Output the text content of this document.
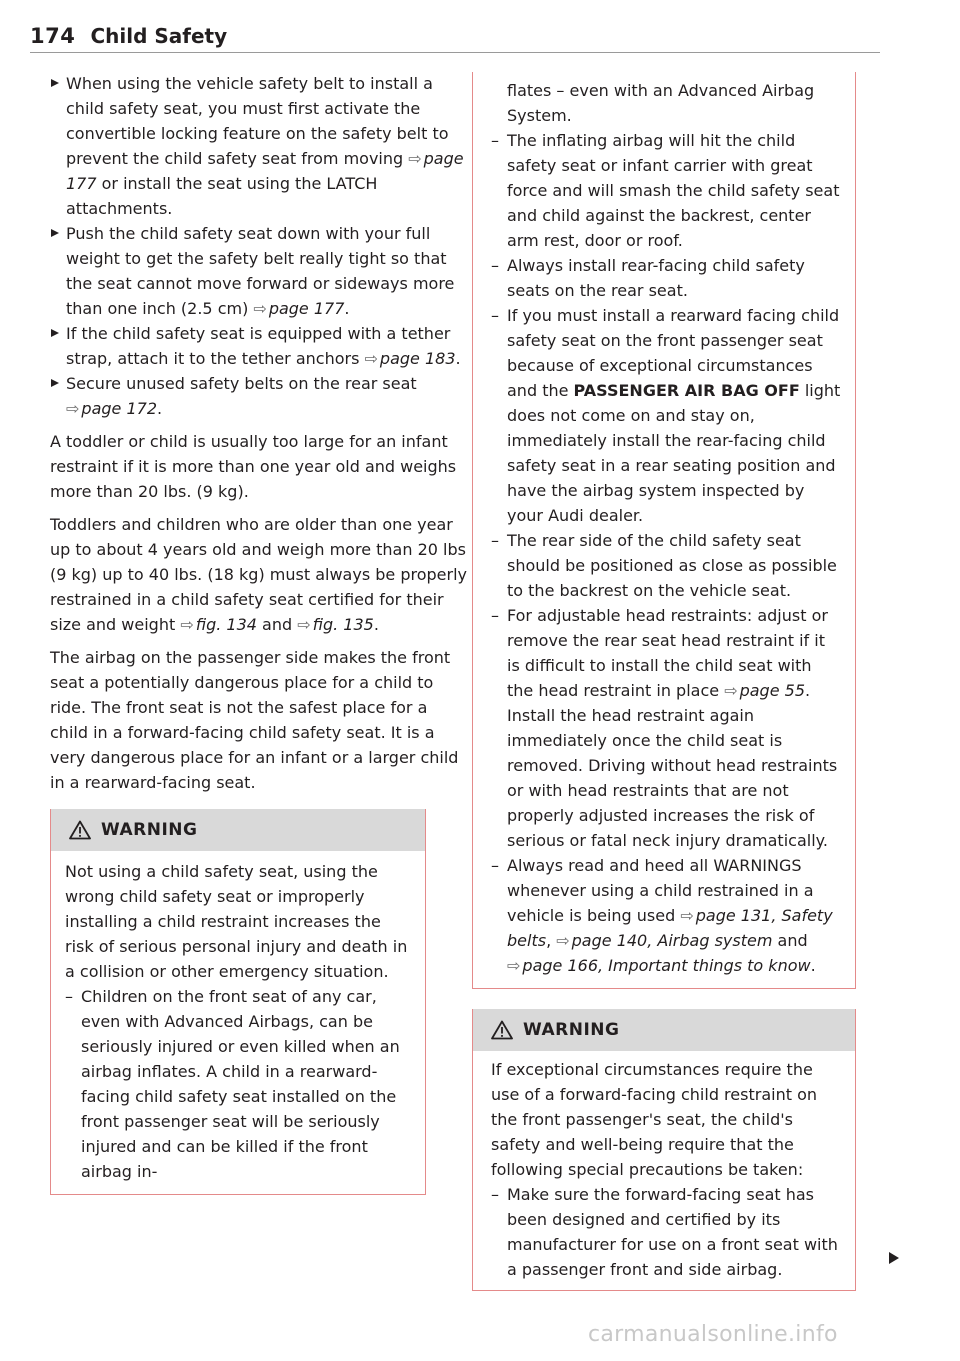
174 Child Safety
When using the vehicle safety belt to install a child safety seat, you must first activate the convertible locking feature on the safety belt to prevent the child safety seat from moving ⇨ page 177 or install the seat using the LATCH attachments.
Push the child safety seat down with your full weight to get the safety belt really tight so that the seat cannot move forward or sideways more than one inch (2.5 cm) ⇨ page 177.
If the child safety seat is equipped with a tether strap, attach it to the tether anchors ⇨ page 183.
Secure unused safety belts on the rear seat ⇨ page 172.

A toddler or child is usually too large for an infant restraint if it is more than one year old and weighs more than 20 lbs. (9 kg).

Toddlers and children who are older than one year up to about 4 years old and weigh more than 20 lbs (9 kg) up to 40 lbs. (18 kg) must always be properly restrained in a child safety seat certified for their size and weight ⇨ fig. 134 and ⇨ fig. 135.

The airbag on the passenger side makes the front seat a potentially dangerous place for a child to ride. The front seat is not the safest place for a child in a forward-facing child safety seat. It is a very dangerous place for an infant or a larger child in a rearward-facing seat.

WARNING
Not using a child safety seat, using the wrong child safety seat or improperly installing a child restraint increases the risk of serious personal injury and death in a collision or other emergency situation.
– Children on the front seat of any car, even with Advanced Airbags, can be seriously injured or even killed when an airbag inflates. A child in a rearward-facing child safety seat installed on the front passenger seat will be seriously injured and can be killed if the front airbag in-
flates – even with an Advanced Airbag System.
– The inflating airbag will hit the child safety seat or infant carrier with great force and will smash the child safety seat and child against the backrest, center arm rest, door or roof.
– Always install rear-facing child safety seats on the rear seat.
– If you must install a rearward facing child safety seat on the front passenger seat because of exceptional circumstances and the PASSENGER AIR BAG OFF light does not come on and stay on, immediately install the rear-facing child safety seat in a rear seating position and have the airbag system inspected by your Audi dealer.
– The rear side of the child safety seat should be positioned as close as possible to the backrest on the vehicle seat.
– For adjustable head restraints: adjust or remove the rear seat head restraint if it is difficult to install the child seat with the head restraint in place ⇨ page 55. Install the head restraint again immediately once the child seat is removed. Driving without head restraints or with head restraints that are not properly adjusted increases the risk of serious or fatal neck injury dramatically.
– Always read and heed all WARNINGS whenever using a child restrained in a vehicle is being used ⇨ page 131, Safety belts, ⇨ page 140, Airbag system and ⇨ page 166, Important things to know.
WARNING
If exceptional circumstances require the use of a forward-facing child restraint on the front passenger's seat, the child's safety and well-being require that the following special precautions be taken:
– Make sure the forward-facing seat has been designed and certified by its manufacturer for use on a front seat with a passenger front and side airbag.
carmanualsonline.info
